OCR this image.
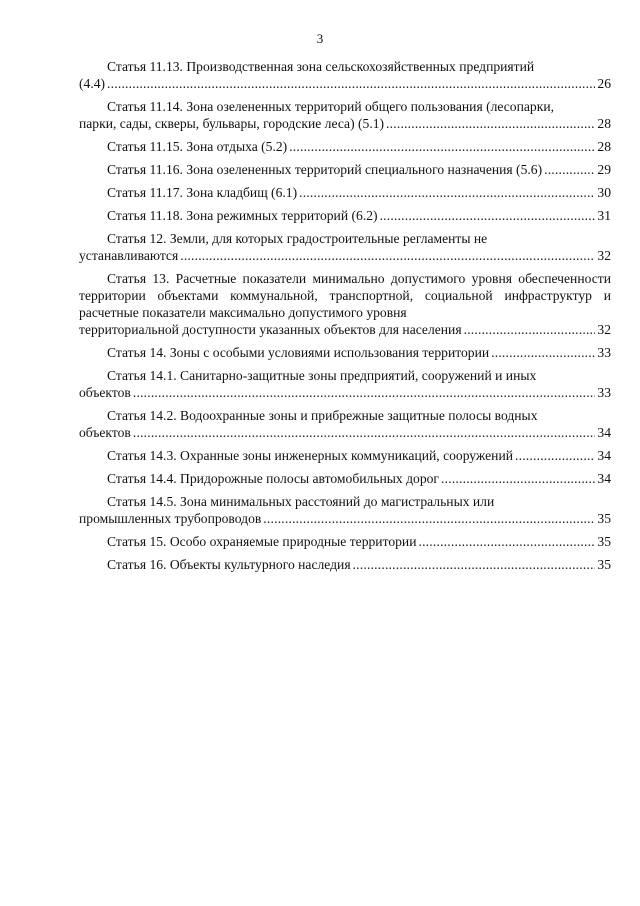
3
Статья 11.13. Производственная зона сельскохозяйственных предприятий
(4.4) .....	26
Статья 11.14. Зона озелененных территорий общего пользования (лесопарки,
парки, сады, скверы, бульвары, городские леса) (5.1) .....	28
Статья 11.15. Зона отдыха (5.2) .....	28
Статья 11.16. Зона озелененных территорий специального назначения (5.6) .....	29
Статья 11.17. Зона кладбищ (6.1) .....	30
Статья 11.18. Зона режимных территорий (6.2) .....	31
Статья 12. Земли, для которых градостроительные регламенты не
устанавливаются .....	32
Статья 13. Расчетные показатели минимально допустимого уровня обеспеченности территории объектами коммунальной, транспортной, социальной инфраструктур и расчетные показатели максимально допустимого уровня
территориальной доступности указанных объектов для населения .....	32
Статья 14. Зоны с особыми условиями использования территории .....	33
Статья 14.1. Санитарно-защитные зоны предприятий, сооружений и иных
объектов .....	33
Статья 14.2. Водоохранные зоны и прибрежные защитные полосы водных
объектов .....	34
Статья 14.3. Охранные зоны инженерных коммуникаций, сооружений .....	34
Статья 14.4. Придорожные полосы автомобильных дорог .....	34
Статья 14.5. Зона минимальных расстояний до магистральных или
промышленных трубопроводов .....	35
Статья 15. Особо охраняемые природные территории .....	35
Статья 16. Объекты культурного наследия .....	35
